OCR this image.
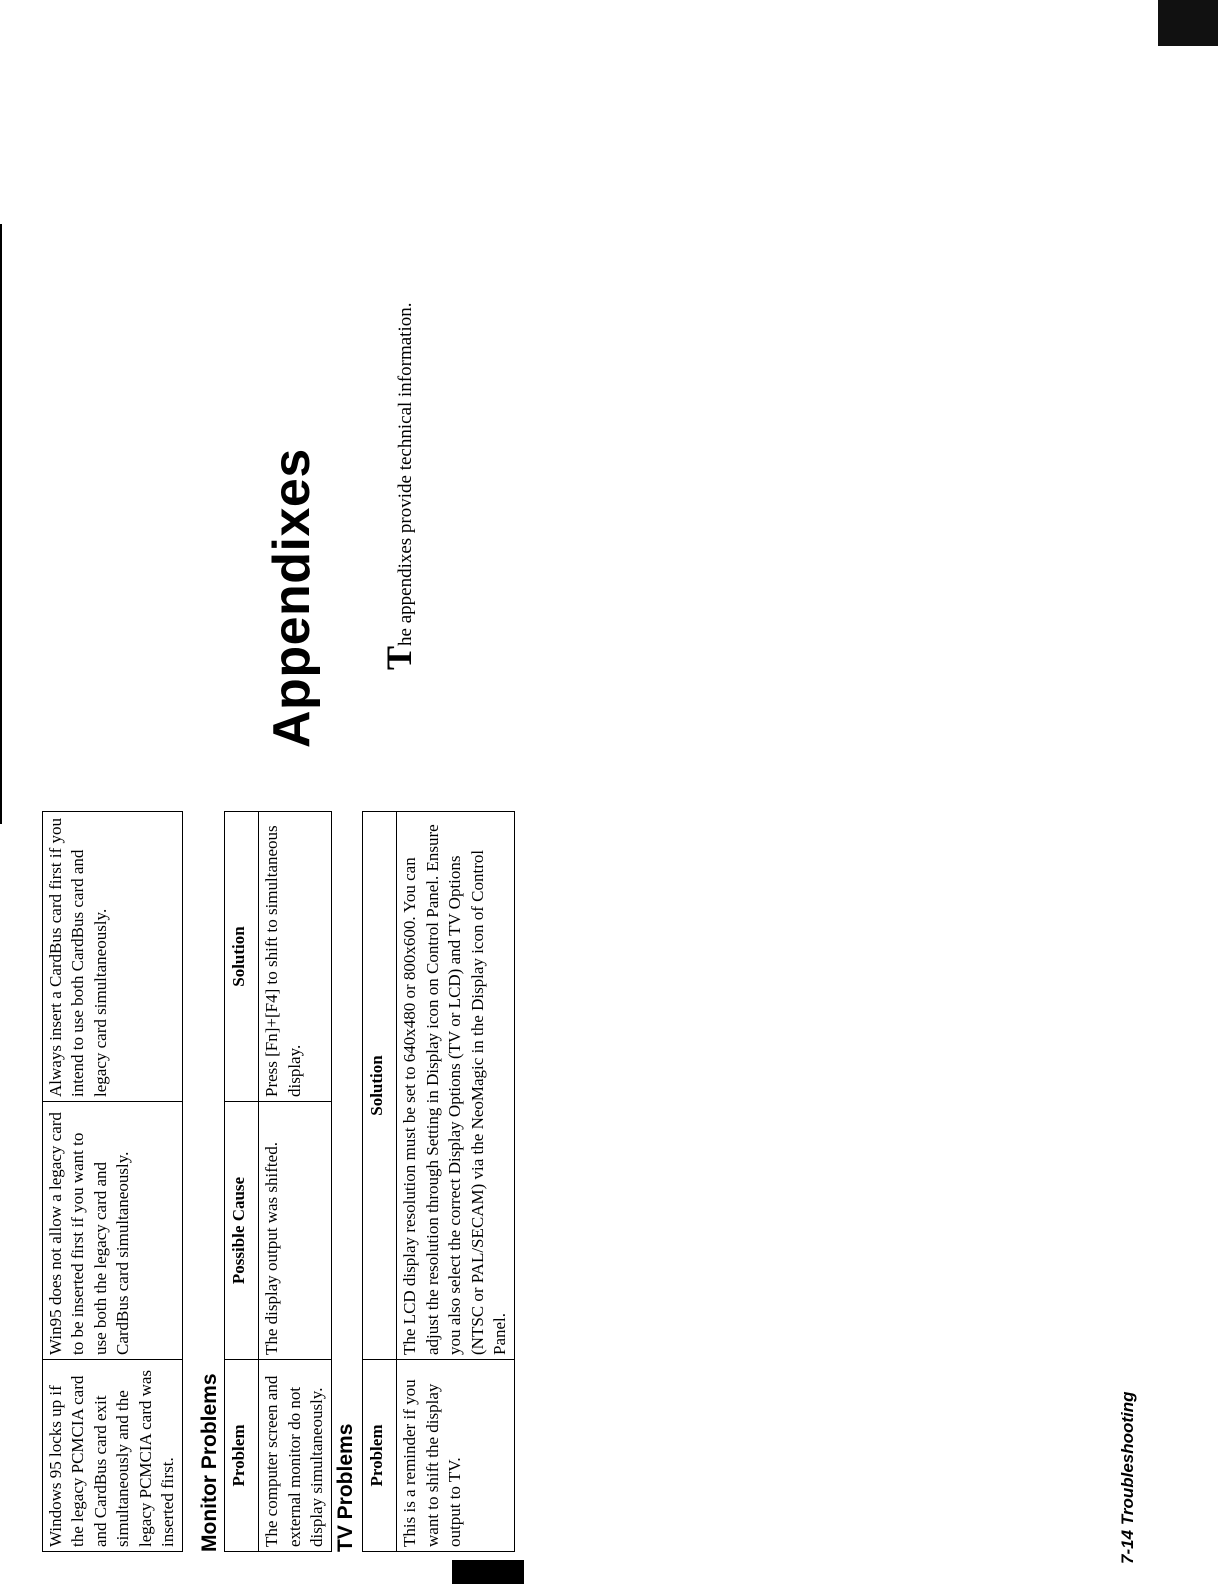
Windows 95 locks up if the legacy PCMCIA card and CardBus card exit simultaneously and the legacy PCMCIA card was inserted first.	Win95 does not allow a legacy card to be inserted first if you want to use both the legacy card and CardBus card simultaneously.	Always insert a CardBus card first if you intend to use both CardBus card and legacy card simultaneously.
Monitor Problems Problem	Possible Cause	Solution
The computer screen and external monitor do not display simultaneously.	The display output was shifted.	Press [Fn]+[F4] to shift to simultaneous display.
TV Problems Problem	Solution
This is a reminder if you want to shift the display output to TV.	The LCD display resolution must be set to 640x480 or 800x600. You can adjust the resolution through Setting in Display icon on Control Panel. Ensure you also select the correct Display Options (TV or LCD) and TV Options (NTSC or PAL/SECAM) via the NeoMagic in the Display icon of Control Panel.
7-14 Troubleshooting
Appendixes The appendixes provide technical information.
